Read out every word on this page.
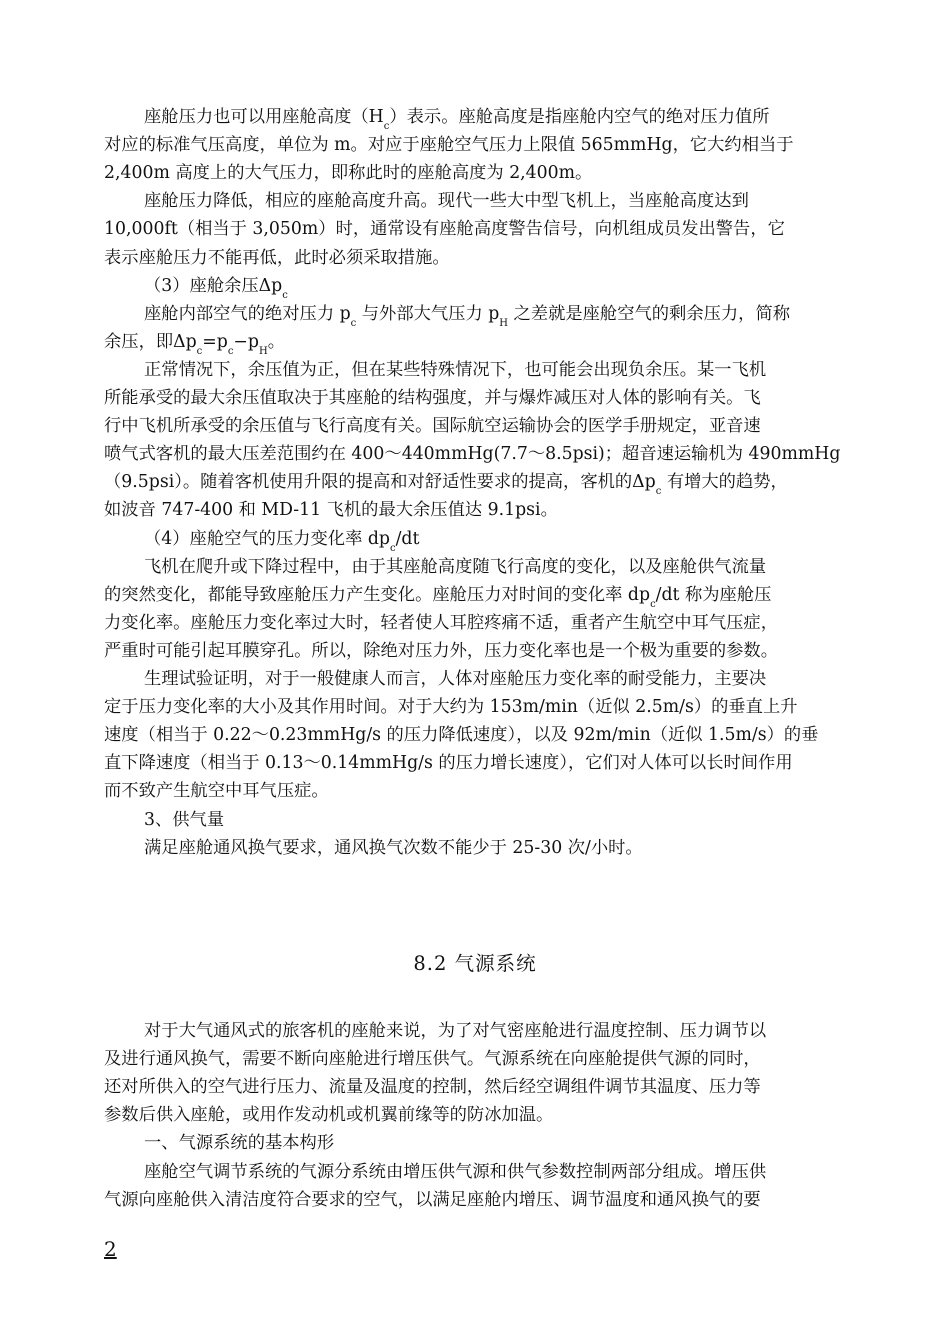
座舱压力也可以用座舱高度$(H_c)$表示。座舱高度是指座舱内空气的绝对压力值所
对应的标准气压高度，单位为 m。对应于座舱空气压力上限值 565mmHg，它大约相当于
2,400m 高度上的大气压力，即称此时的座舱高度为 2,400m。
座舱压力降低，相应的座舱高度升高。现代一些大中型飞机上，当座舱高度达到
10,000ft（相当于 3,050m）时，通常设有座舱高度警告信号，向机组成员发出警告，它
表示座舱压力不能再低，此时必须采取措施。
（3）座舱余压$\Delta p_c$
座舱内部空气的绝对压力 $p_c$ 与外部大气压力 $p_H$ 之差就是座舱空气的剩余压力，简称
余压，即$\Delta p_c=p_c-p_H$。
正常情况下，余压值为正，但在某些特殊情况下，也可能会出现负余压。某一飞机
所能承受的最大余压值取决于其座舱的结构强度，并与爆炸减压对人体的影响有关。飞
行中飞机所承受的余压值与飞行高度有关。国际航空运输协会的医学手册规定，亚音速
喷气式客机的最大压差范围约在 400～440mmHg(7.7～8.5psi)；超音速运输机为 490mmHg
（9.5psi）。随着客机使用升限的提高和对舒适性要求的提高，客机的$\Delta p_c$ 有增大的趋势，
如波音 747-400 和 MD-11 飞机的最大余压值达 9.1psi。
（4）座舱空气的压力变化率 $dp_c/dt$
飞机在爬升或下降过程中，由于其座舱高度随飞行高度的变化，以及座舱供气流量
的突然变化，都能导致座舱压力产生变化。座舱压力对时间的变化率 $dp_c/dt$ 称为座舱压
力变化率。座舱压力变化率过大时，轻者使人耳腔疼痛不适，重者产生航空中耳气压症，
严重时可能引起耳膜穿孔。所以，除绝对压力外，压力变化率也是一个极为重要的参数。
生理试验证明，对于一般健康人而言，人体对座舱压力变化率的耐受能力，主要决
定于压力变化率的大小及其作用时间。对于大约为 153m/min（近似 2.5m/s）的垂直上升
速度（相当于 0.22～0.23mmHg/s 的压力降低速度），以及 92m/min（近似 1.5m/s）的垂
直下降速度（相当于 0.13～0.14mmHg/s 的压力增长速度），它们对人体可以长时间作用
而不致产生航空中耳气压症。
3、供气量
满足座舱通风换气要求，通风换气次数不能少于 25-30 次/小时。
8.2 气源系统
对于大气通风式的旅客机的座舱来说，为了对气密座舱进行温度控制、压力调节以
及进行通风换气，需要不断向座舱进行增压供气。气源系统在向座舱提供气源的同时，
还对所供入的空气进行压力、流量及温度的控制，然后经空调组件调节其温度、压力等
参数后供入座舱，或用作发动机或机翼前缘等的防冰加温。
一、气源系统的基本构形
座舱空气调节系统的气源分系统由增压供气源和供气参数控制两部分组成。增压供
气源向座舱供入清洁度符合要求的空气，以满足座舱内增压、调节温度和通风换气的要
2
